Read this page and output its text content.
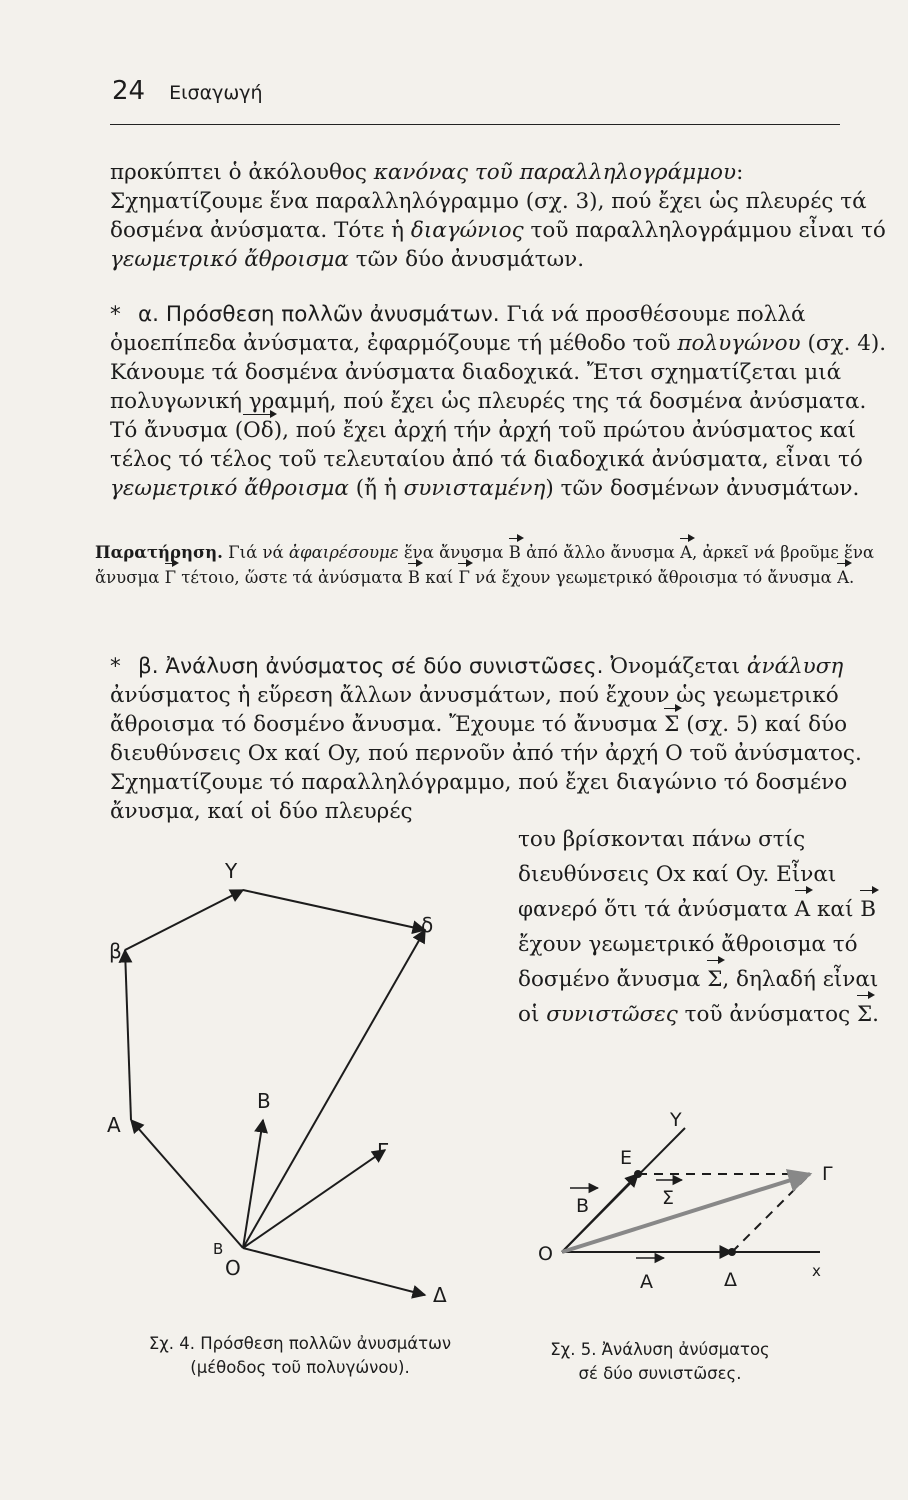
24 Εισαγωγή

προκύπτει ὁ ἀκόλουθος κανόνας τοῦ παραλληλογράμμου: Σχηματίζουμε ἕνα παραλληλόγραμμο (σχ. 3), πού ἔχει ὡς πλευρές τά δοσμένα ἀνύσματα. Τότε ἡ διαγώνιος τοῦ παραλληλογράμμου εἶναι τό γεωμετρικό ἄθροισμα τῶν δύο ἀνυσμάτων.

* α. Πρόσθεση πολλῶν ἀνυσμάτων. Γιά νά προσθέσουμε πολλά ὁμοεπίπεδα ἀνύσματα, ἐφαρμόζουμε τή μέθοδο τοῦ πολυγώνου (σχ. 4). Κάνουμε τά δοσμένα ἀνύσματα διαδοχικά. Ἔτσι σχηματίζεται μιά πολυγωνική γραμμή, πού ἔχει ὡς πλευρές της τά δοσμένα ἀνύσματα. Τό ἄνυσμα (Οδ), πού ἔχει ἀρχή τήν ἀρχή τοῦ πρώτου ἀνύσματος καί τέλος τό τέλος τοῦ τελευταίου ἀπό τά διαδοχικά ἀνύσματα, εἶναι τό γεωμετρικό ἄθροισμα (ἤ ἡ συνισταμένη) τῶν δοσμένων ἀνυσμάτων.

Παρατήρηση. Γιά νά ἀφαιρέσουμε ἕνα ἄνυσμα B ἀπό ἄλλο ἄνυσμα A, ἀρκεῖ νά βροῦμε ἕνα ἄνυσμα Γ τέτοιο, ὥστε τά ἀνύσματα B καί Γ νά ἔχουν γεωμετρικό ἄθροισμα τό ἄνυσμα A.

* β. Ἀνάλυση ἀνύσματος σέ δύο συνιστῶσες. Ὀνομάζεται ἀνάλυση ἀνύσματος ἡ εὕρεση ἄλλων ἀνυσμάτων, πού ἔχουν ὡς γεωμετρικό ἄθροισμα τό δοσμένο ἄνυσμα. Ἔχουμε τό ἄνυσμα Σ (σχ. 5) καί δύο διευθύνσεις Οx καί Oy, πού περνοῦν ἀπό τήν ἀρχή Ο τοῦ ἀνύσματος. Σχηματίζουμε τό παραλληλόγραμμο, πού ἔχει διαγώνιο τό δοσμένο ἄνυσμα, καί οἱ δύο πλευρές

του βρίσκονται πάνω στίς διευθύνσεις Ox καί Oy. Εἶναι φανερό ὅτι τά ἀνύσματα A καί B ἔχουν γεωμετρικό ἄθροισμα τό δοσμένο ἄνυσμα Σ, δηλαδή εἶναι οἱ συνιστῶσες τοῦ ἀνύσματος Σ.
Y
β
δ
A
B
Γ
O
B
Δ
Σχ. 4. Πρόσθεση πολλῶν ἀνυσμάτων (μέθοδος τοῦ πολυγώνου).
Y
E
Γ
B	Σ
O
A	Δ	x
Σχ. 5. Ἀνάλυση ἀνύσματος σέ δύο συνιστῶσες.
